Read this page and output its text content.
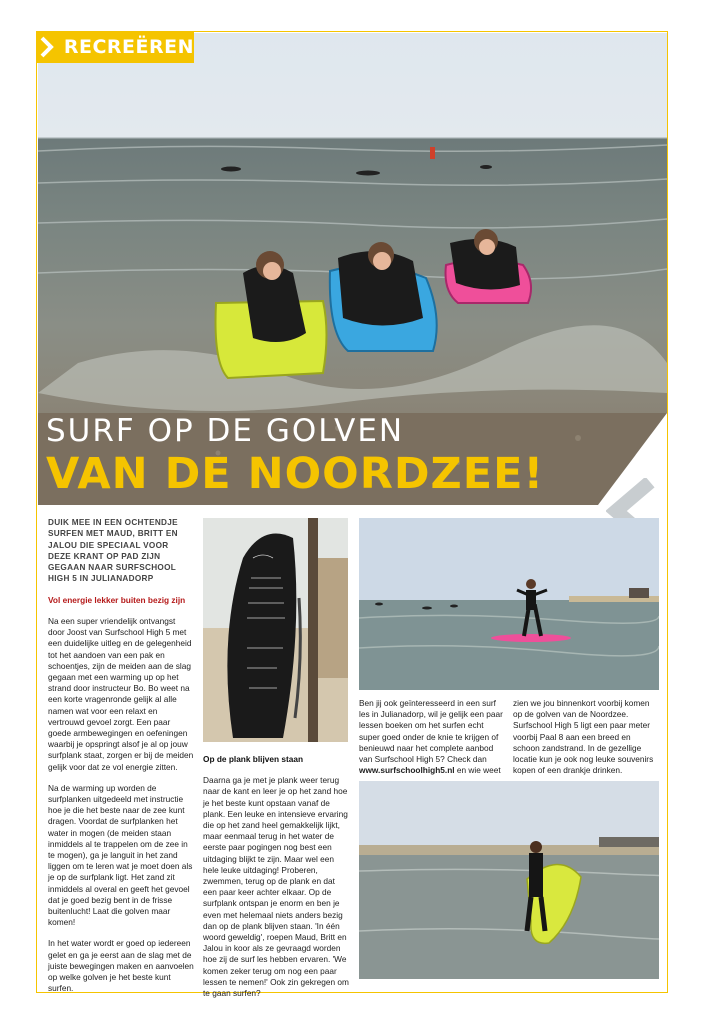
RECREËREN
SURF OP DE GOLVEN
VAN DE NOORDZEE!

DUIK MEE IN EEN OCHTENDJE SURFEN MET MAUD, BRITT EN JALOU DIE SPECIAAL VOOR DEZE KRANT OP PAD ZIJN GEGAAN NAAR SURFSCHOOL HIGH 5 IN JULIANADORP

Vol energie lekker buiten bezig zijn

Na een super vriendelijk ontvangst door Joost van Surfschool High 5 met een duidelijke uitleg en de gelegenheid tot het aandoen van een pak en schoentjes, zijn de meiden aan de slag gegaan met een warming up op het strand door instructeur Bo. Bo weet na een korte vragenronde gelijk al alle namen wat voor een relaxt en vertrouwd gevoel zorgt. Een paar goede armbewegingen en oefeningen waarbij je opspringt alsof je al op jouw surfplank staat, zorgen er bij de meiden gelijk voor dat ze vol energie zitten.

Na de warming up worden de surfplanken uitgedeeld met instructie hoe je die het beste naar de zee kunt dragen. Voordat de surfplanken het water in mogen (de meiden staan inmiddels al te trappelen om de zee in te mogen), ga je languit in het zand liggen om te leren wat je moet doen als je op de surfplank ligt. Het zand zit inmiddels al overal en geeft het gevoel dat je goed bezig bent in de frisse buitenlucht! Laat die golven maar komen!

In het water wordt er goed op iedereen gelet en ga je eerst aan de slag met de juiste bewegingen maken en aanvoelen op welke golven je het beste kunt surfen.

Op de plank blijven staan

Daarna ga je met je plank weer terug naar de kant en leer je op het zand hoe je het beste kunt opstaan vanaf de plank. Een leuke en intensieve ervaring die op het zand heel gemakkelijk lijkt, maar eenmaal terug in het water de eerste paar pogingen nog best een uitdaging blijkt te zijn. Maar wel een hele leuke uitdaging! Proberen, zwemmen, terug op de plank en dat een paar keer achter elkaar. Op de surfplank ontspan je enorm en ben je even met helemaal niets anders bezig dan op de plank blijven staan. 'In één woord geweldig', roepen Maud, Britt en Jalou in koor als ze gevraagd worden hoe zij de surf les hebben ervaren. 'We komen zeker terug om nog een paar lessen te nemen!' Ook zin gekregen om te gaan surfen?

Ben jij ook geïnteresseerd in een surf les in Julianadorp, wil je gelijk een paar lessen boeken om het surfen echt super goed onder de knie te krijgen of benieuwd naar het complete aanbod van Surfschool High 5? Check dan www.surfschoolhigh5.nl en wie weet

zien we jou binnenkort voorbij komen op de golven van de Noordzee. Surfschool High 5 ligt een paar meter voorbij Paal 8 aan een breed en schoon zandstrand. In de gezellige locatie kun je ook nog leuke souvenirs kopen of een drankje drinken.
